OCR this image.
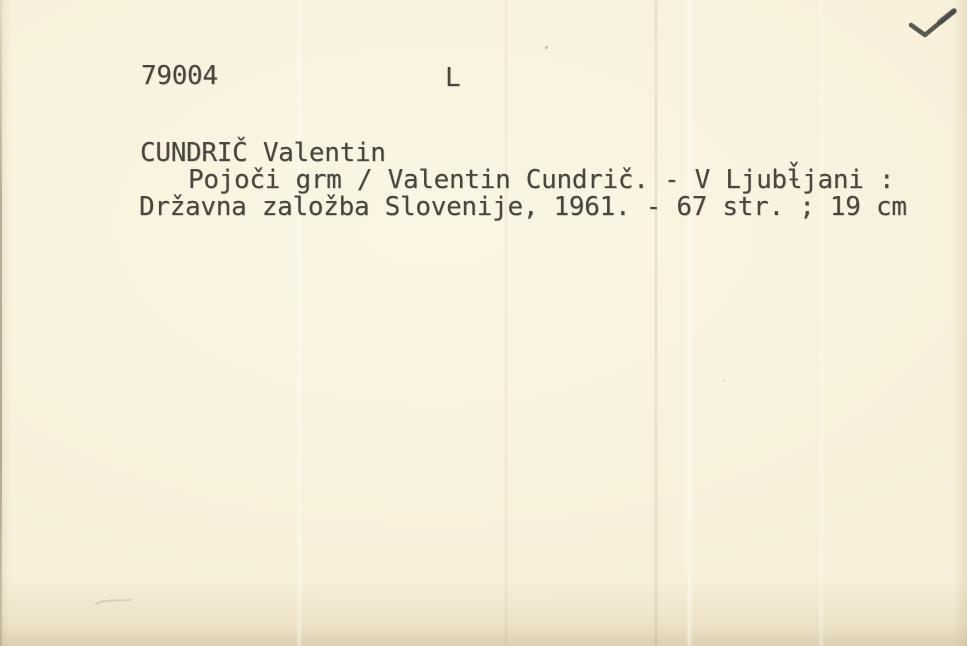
79004	L
CUNDRIČ Valentin
Pojoči grm / Valentin Cundrič. - V Ljubƚ̌jani :
Državna založba Slovenije, 1961. - 67 str. ; 19 cm
